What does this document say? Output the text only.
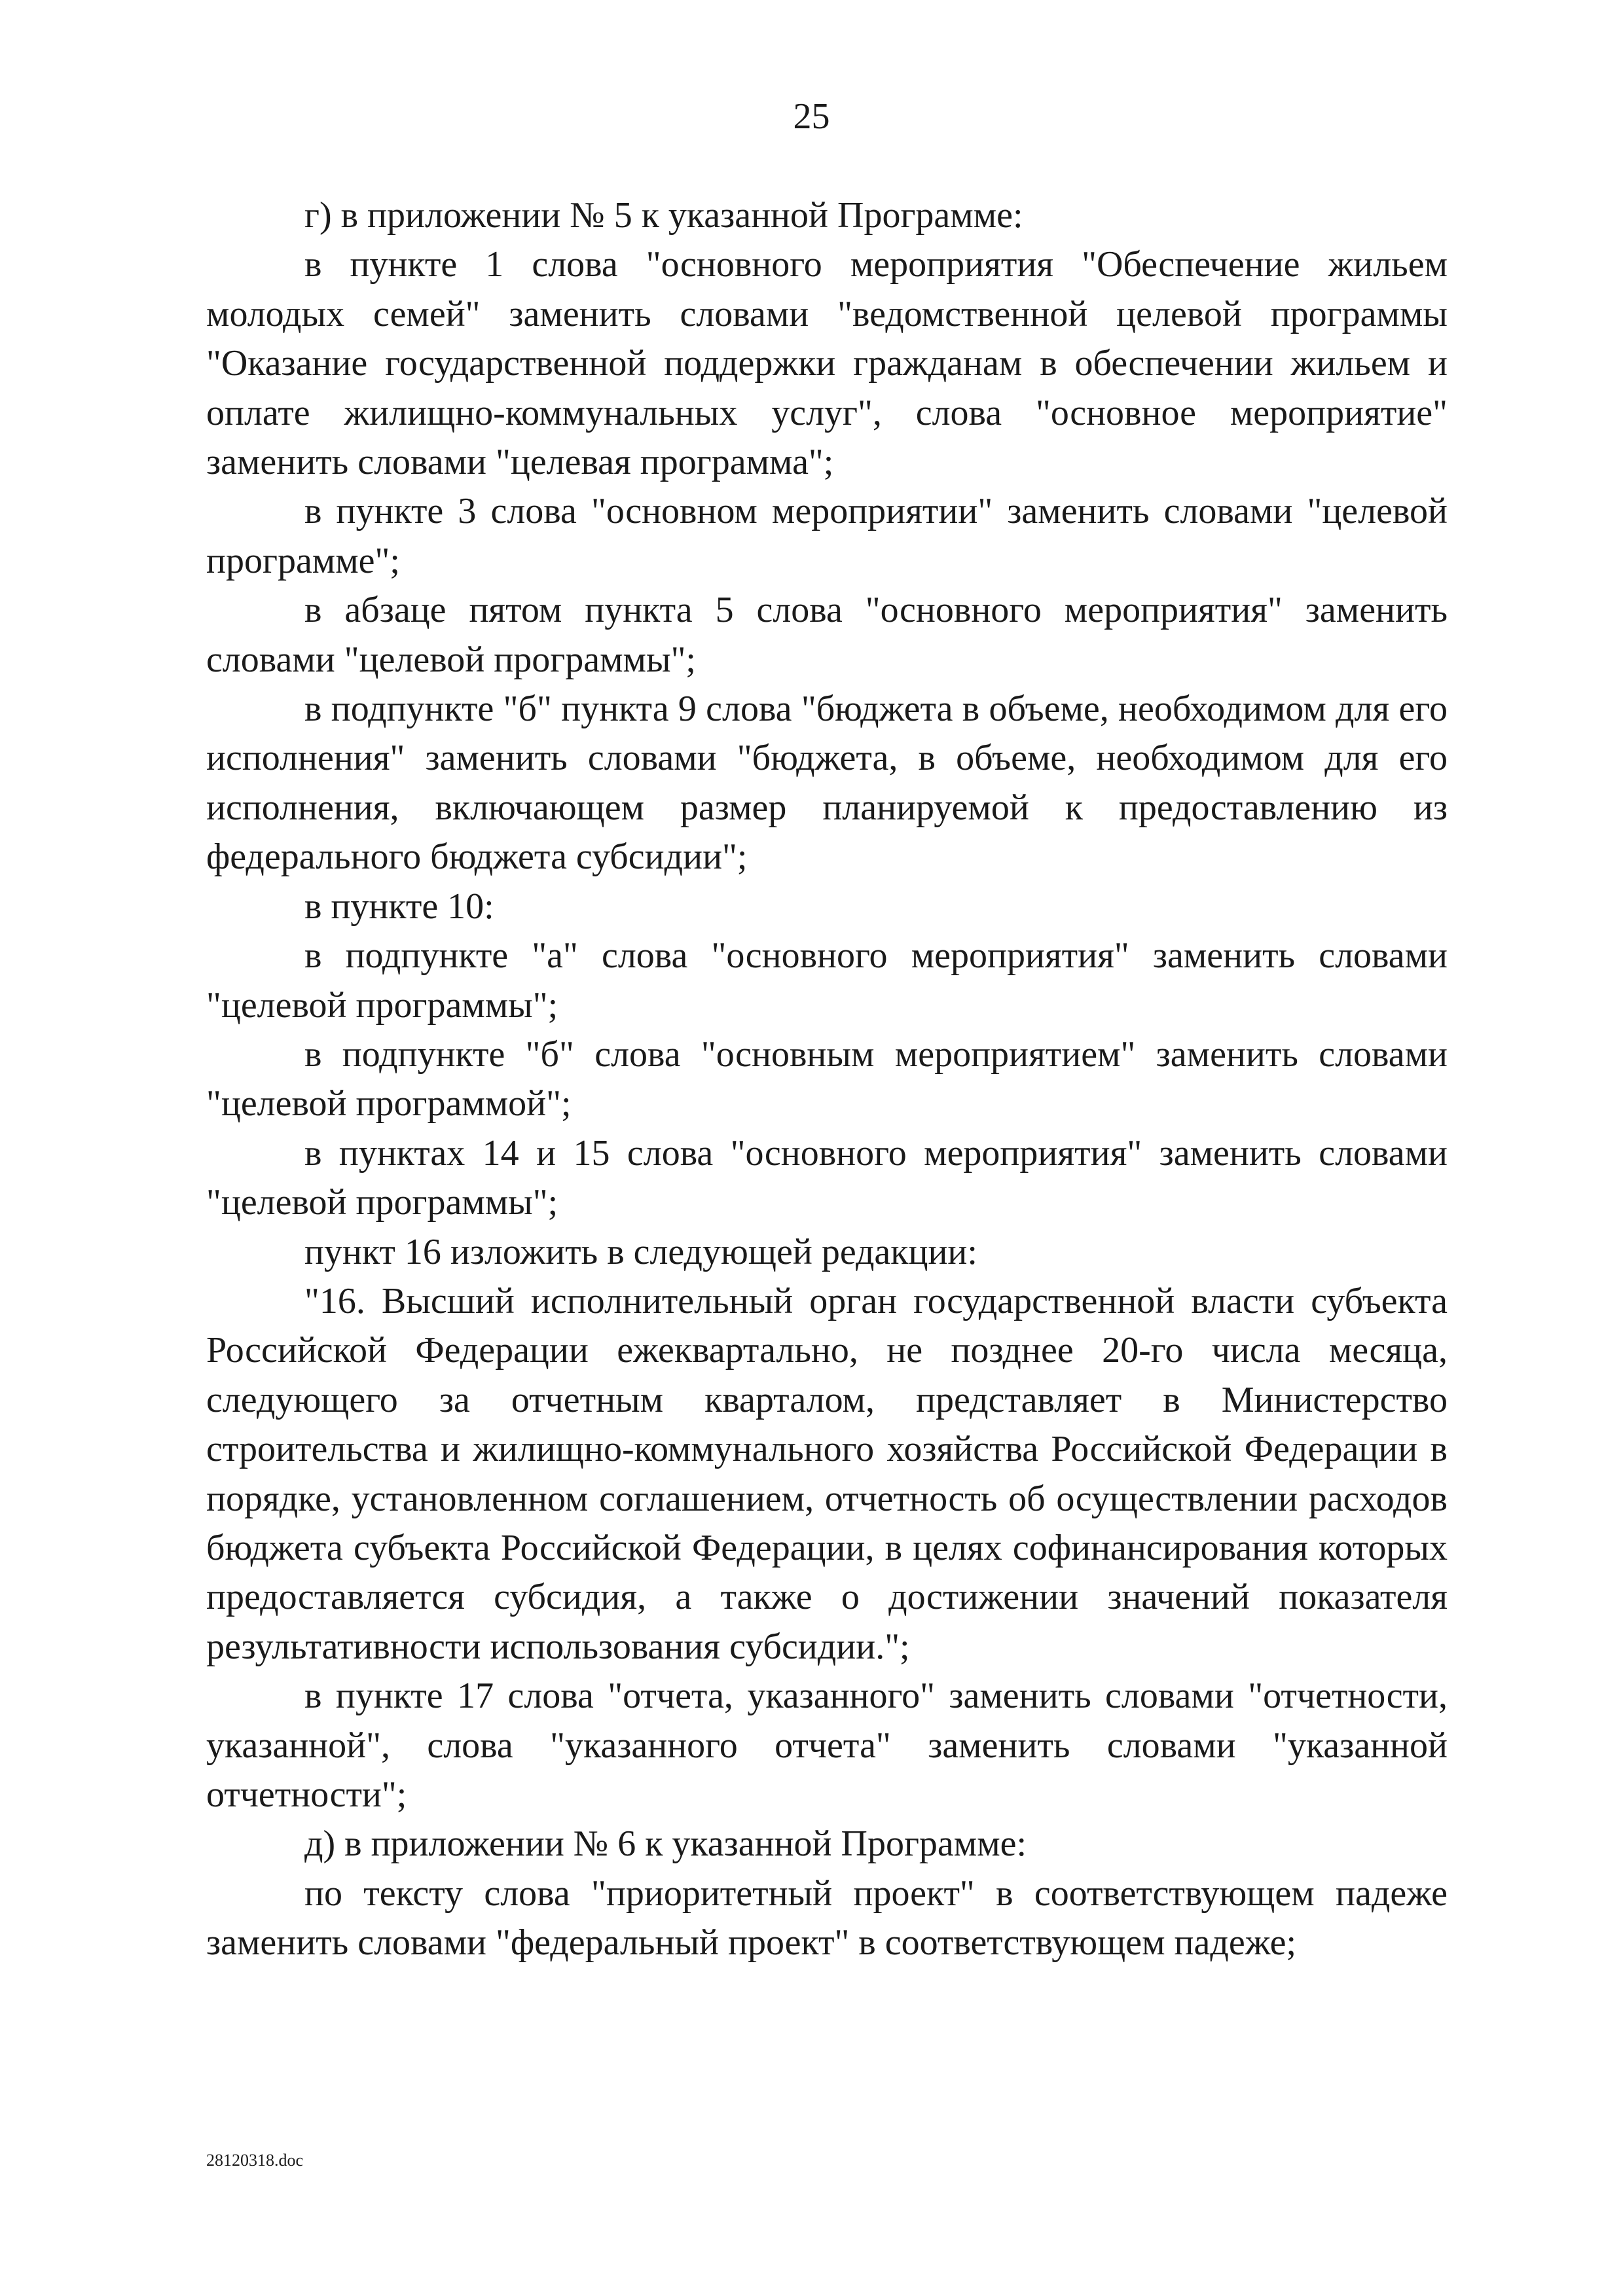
25

г) в приложении № 5 к указанной Программе:

в пункте 1 слова "основного мероприятия "Обеспечение жильем молодых семей" заменить словами "ведомственной целевой программы "Оказание государственной поддержки гражданам в обеспечении жильем и оплате жилищно-коммунальных услуг", слова "основное мероприятие" заменить словами "целевая программа";

в пункте 3 слова "основном мероприятии" заменить словами "целевой программе";

в абзаце пятом пункта 5 слова "основного мероприятия" заменить словами "целевой программы";

в подпункте "б" пункта 9 слова "бюджета в объеме, необходимом для его исполнения" заменить словами "бюджета, в объеме, необходимом для его исполнения, включающем размер планируемой к предоставлению из федерального бюджета субсидии";

в пункте 10:

в подпункте "а" слова "основного мероприятия" заменить словами "целевой программы";

в подпункте "б" слова "основным мероприятием" заменить словами "целевой программой";

в пунктах 14 и 15 слова "основного мероприятия" заменить словами "целевой программы";

пункт 16 изложить в следующей редакции:

"16. Высший исполнительный орган государственной власти субъекта Российской Федерации ежеквартально, не позднее 20-го числа месяца, следующего за отчетным кварталом, представляет в Министерство строительства и жилищно-коммунального хозяйства Российской Федерации в порядке, установленном соглашением, отчетность об осуществлении расходов бюджета субъекта Российской Федерации, в целях софинансирования которых предоставляется субсидия, а также о достижении значений показателя результативности использования субсидии.";

в пункте 17 слова "отчета, указанного" заменить словами "отчетности, указанной", слова "указанного отчета" заменить словами "указанной отчетности";

д) в приложении № 6 к указанной Программе:

по тексту слова "приоритетный проект" в соответствующем падеже заменить словами "федеральный проект" в соответствующем падеже;

28120318.doc
